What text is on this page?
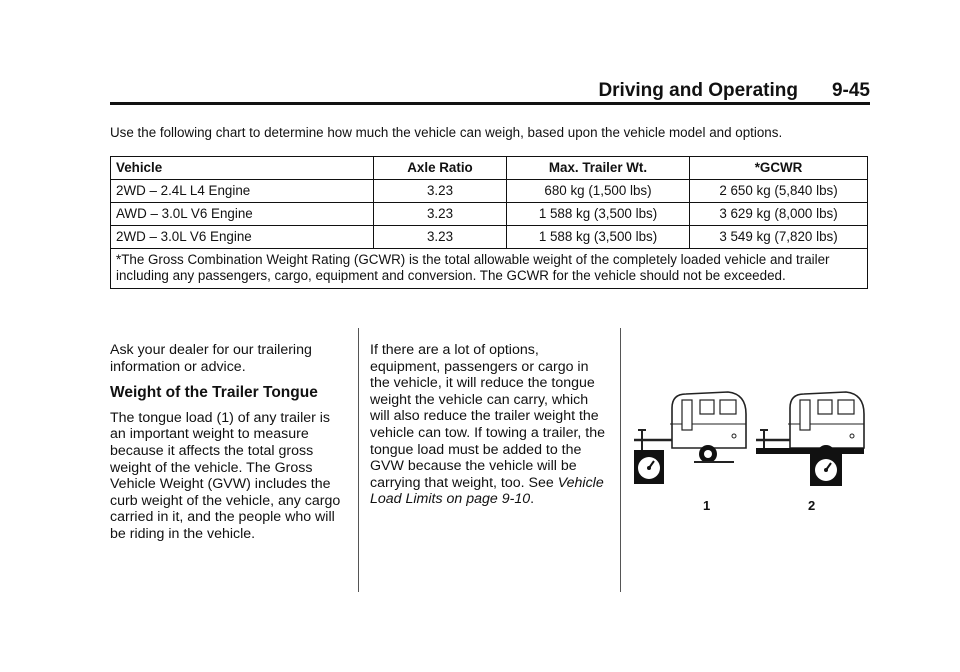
Driving and Operating 9-45
Use the following chart to determine how much the vehicle can weigh, based upon the vehicle model and options.
Vehicle	Axle Ratio	Max. Trailer Wt.	*GCWR
2WD – 2.4L L4 Engine	3.23	680 kg (1,500 lbs)	2 650 kg (5,840 lbs)
AWD – 3.0L V6 Engine	3.23	1 588 kg (3,500 lbs)	3 629 kg (8,000 lbs)
2WD – 3.0L V6 Engine	3.23	1 588 kg (3,500 lbs)	3 549 kg (7,820 lbs)
*The Gross Combination Weight Rating (GCWR) is the total allowable weight of the completely loaded vehicle and trailer including any passengers, cargo, equipment and conversion. The GCWR for the vehicle should not be exceeded.			

Ask your dealer for our trailering information or advice.

Weight of the Trailer Tongue

The tongue load (1) of any trailer is an important weight to measure because it affects the total gross weight of the vehicle. The Gross Vehicle Weight (GVW) includes the curb weight of the vehicle, any cargo carried in it, and the people who will be riding in the vehicle.

If there are a lot of options, equipment, passengers or cargo in the vehicle, it will reduce the tongue weight the vehicle can carry, which will also reduce the trailer weight the vehicle can tow. If towing a trailer, the tongue load must be added to the GVW because the vehicle will be carrying that weight, too. See Vehicle Load Limits on page 9-10.	1	2
